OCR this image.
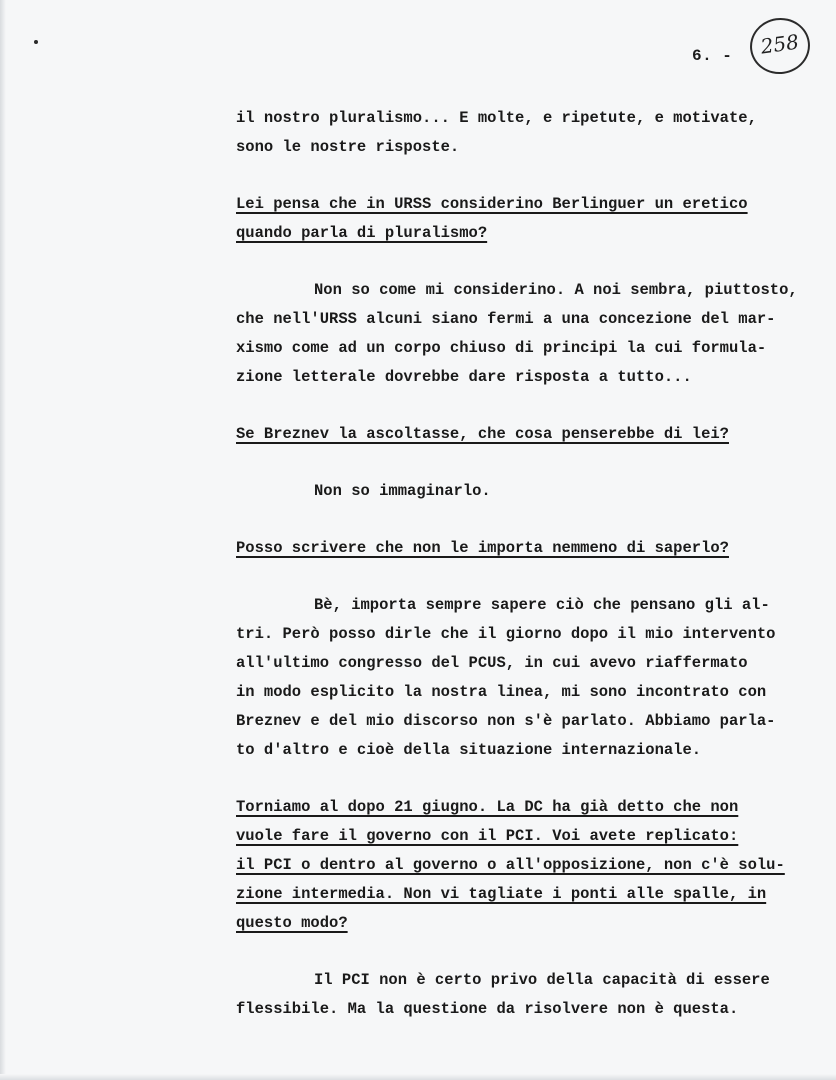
6. -	258
il nostro pluralismo... E molte, e ripetute, e motivate,
sono le nostre risposte.
Lei pensa che in URSS considerino Berlinguer un eretico
quando parla di pluralismo?
Non so come mi considerino. A noi sembra, piuttosto,
che nell'URSS alcuni siano fermi a una concezione del mar-
xismo come ad un corpo chiuso di principi la cui formula-
zione letterale dovrebbe dare risposta a tutto...
Se Breznev la ascoltasse, che cosa penserebbe di lei?
Non so immaginarlo.
Posso scrivere che non le importa nemmeno di saperlo?
Bè, importa sempre sapere ciò che pensano gli al-
tri. Però posso dirle che il giorno dopo il mio intervento
all'ultimo congresso del PCUS, in cui avevo riaffermato
in modo esplicito la nostra linea, mi sono incontrato con
Breznev e del mio discorso non s'è parlato. Abbiamo parla-
to d'altro e cioè della situazione internazionale.
Torniamo al dopo 21 giugno. La DC ha già detto che non
vuole fare il governo con il PCI. Voi avete replicato:
il PCI o dentro al governo o all'opposizione, non c'è solu-
zione intermedia. Non vi tagliate i ponti alle spalle, in
questo modo?
Il PCI non è certo privo della capacità di essere
flessibile. Ma la questione da risolvere non è questa.
